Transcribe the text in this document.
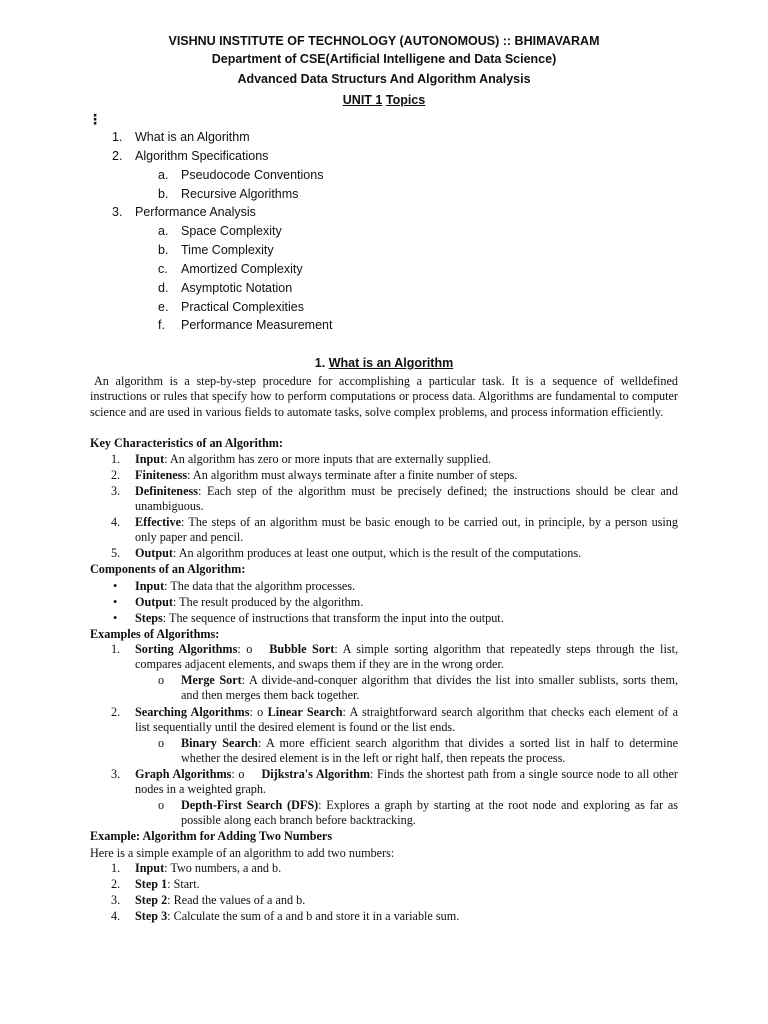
VISHNU INSTITUTE OF TECHNOLOGY (AUTONOMOUS) :: BHIMAVARAM
Department of CSE(Artificial Intelligene and Data Science)
Advanced Data Structurs And Algorithm Analysis
UNIT 1 Topics
⋮
1. What is an Algorithm
2. Algorithm Specifications
a. Pseudocode Conventions
b. Recursive Algorithms
3. Performance Analysis
a. Space Complexity
b. Time Complexity
c. Amortized Complexity
d. Asymptotic Notation
e. Practical Complexities
f. Performance Measurement
1. What is an Algorithm
An algorithm is a step-by-step procedure for accomplishing a particular task. It is a sequence of welldefined instructions or rules that specify how to perform computations or process data. Algorithms are fundamental to computer science and are used in various fields to automate tasks, solve complex problems, and process information efficiently.
Key Characteristics of an Algorithm:
1. Input: An algorithm has zero or more inputs that are externally supplied.
2. Finiteness: An algorithm must always terminate after a finite number of steps.
3. Definiteness: Each step of the algorithm must be precisely defined; the instructions should be clear and unambiguous.
4. Effective: The steps of an algorithm must be basic enough to be carried out, in principle, by a person using only paper and pencil.
5. Output: An algorithm produces at least one output, which is the result of the computations.
Components of an Algorithm:
• Input: The data that the algorithm processes.
• Output: The result produced by the algorithm.
• Steps: The sequence of instructions that transform the input into the output.
Examples of Algorithms:
1. Sorting Algorithms: o Bubble Sort: A simple sorting algorithm that repeatedly steps through the list, compares adjacent elements, and swaps them if they are in the wrong order.
o Merge Sort: A divide-and-conquer algorithm that divides the list into smaller sublists, sorts them, and then merges them back together.
2. Searching Algorithms: o Linear Search: A straightforward search algorithm that checks each element of a list sequentially until the desired element is found or the list ends.
o Binary Search: A more efficient search algorithm that divides a sorted list in half to determine whether the desired element is in the left or right half, then repeats the process.
3. Graph Algorithms: o Dijkstra's Algorithm: Finds the shortest path from a single source node to all other nodes in a weighted graph.
o Depth-First Search (DFS): Explores a graph by starting at the root node and exploring as far as possible along each branch before backtracking.
Example: Algorithm for Adding Two Numbers
Here is a simple example of an algorithm to add two numbers:
1. Input: Two numbers, a and b.
2. Step 1: Start.
3. Step 2: Read the values of a and b.
4. Step 3: Calculate the sum of a and b and store it in a variable sum.
